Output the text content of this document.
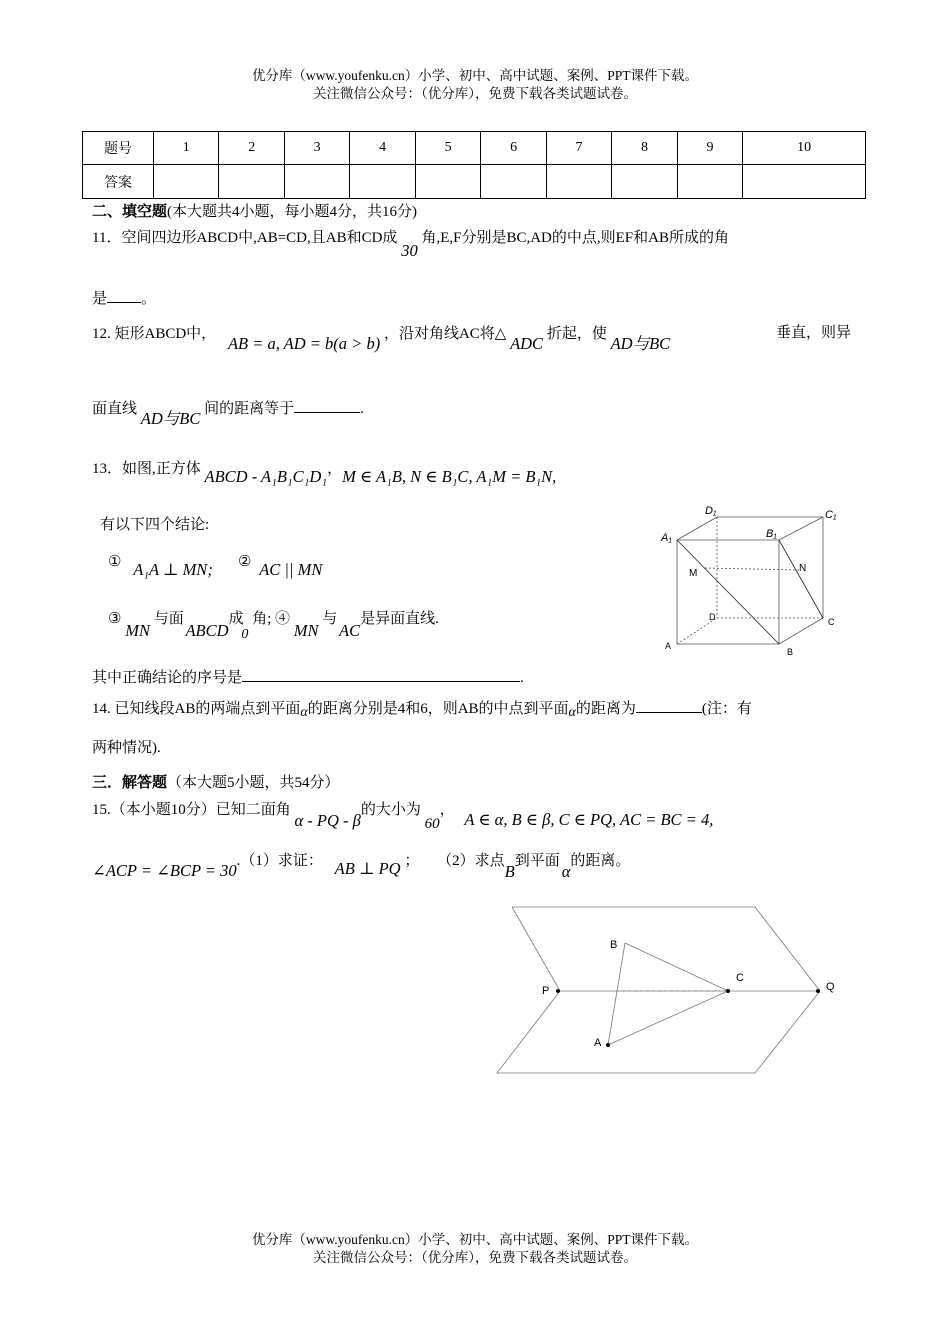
优分库（www.youfenku.cn）小学、初中、高中试题、案例、PPT课件下载。
关注微信公众号：（优分库），免费下载各类试题试卷。
题号	1	2	3	4	5	6	7	8	9	10
答案										
二、填空题(本大题共4小题，每小题4分，共16分)
11．空间四边形ABCD中,AB=CD,且AB和CD成 30 角,E,F分别是BC,AD的中点,则EF和AB所成的角
是 。
12. 矩形ABCD中， AB = a, AD = b(a > b) ，沿对角线AC将△ ADC 折起，使 AD与BC
垂直，则异
面直线 AD与BC 间的距离等于	.
13．如图,正方体 ABCD - A₁B₁C₁D₁，M ∈ A₁B, N ∈ B₁C, A₁M = B₁N,
有以下四个结论:
① A₁A ⊥ MN; ② AC || MN
③ MN 与面 ABCD成 0 角; ④ MN 与 AC是异面直线.
其中正确结论的序号是	.
D₁	C₁
A₁	B₁
M	N
D	C
A
B
14. 已知线段AB的两端点到平面α的距离分别是4和6，则AB的中点到平面α的距离为	(注：有
两种情况).
三．解答题（本大题5小题，共54分）
15.（本小题10分）已知二面角 α - PQ - β的大小为 60， A ∈ α, B ∈ β, C ∈ PQ, AC = BC = 4,
∠ACP = ∠BCP = 30.（1）求证： AB ⊥ PQ ； （2）求点B到平面α的距离。
B
C
P	Q
A
优分库（www.youfenku.cn）小学、初中、高中试题、案例、PPT课件下载。
关注微信公众号：（优分库），免费下载各类试题试卷。
